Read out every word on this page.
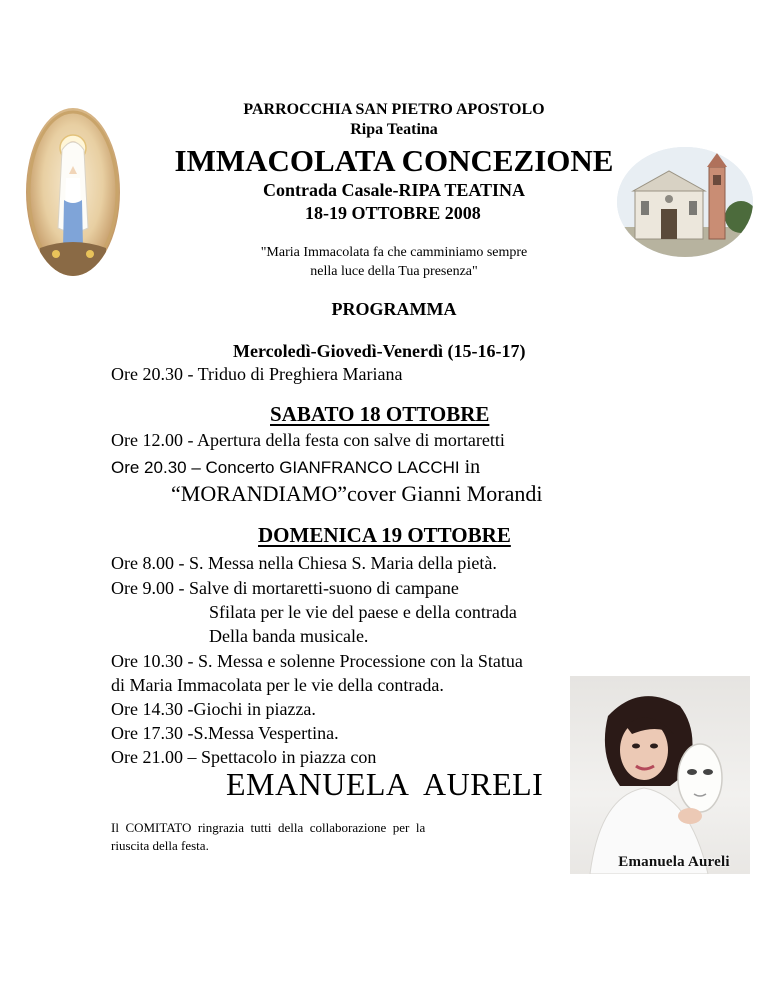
Emanuela Aureli
PARROCCHIA SAN PIETRO APOSTOLO
Ripa Teatina
IMMACOLATA CONCEZIONE
Contrada Casale-RIPA TEATINA
18-19 OTTOBRE 2008
"Maria Immacolata fa che camminiamo sempre
nella luce della Tua presenza"
PROGRAMMA
Mercoledì-Giovedì-Venerdì (15-16-17)
Ore 20.30 - Triduo di Preghiera Mariana
SABATO 18 OTTOBRE
Ore 12.00 - Apertura della festa con salve di mortaretti
Ore 20.30 – Concerto GIANFRANCO LACCHI in
“MORANDIAMO”cover Gianni Morandi
DOMENICA 19 OTTOBRE
Ore 8.00 - S. Messa nella Chiesa S. Maria della pietà.
Ore 9.00 - Salve di mortaretti-suono di campane
Sfilata per le vie del paese e della contrada
Della banda musicale.
Ore 10.30 - S. Messa e solenne Processione con la Statua
di Maria Immacolata per le vie della contrada.
Ore 14.30 -Giochi in piazza.
Ore 17.30 -S.Messa Vespertina.
Ore 21.00 – Spettacolo in piazza con
EMANUELA  AURELI
Il  COMITATO  ringrazia  tutti  della  collaborazione  per  la
riuscita della festa.
